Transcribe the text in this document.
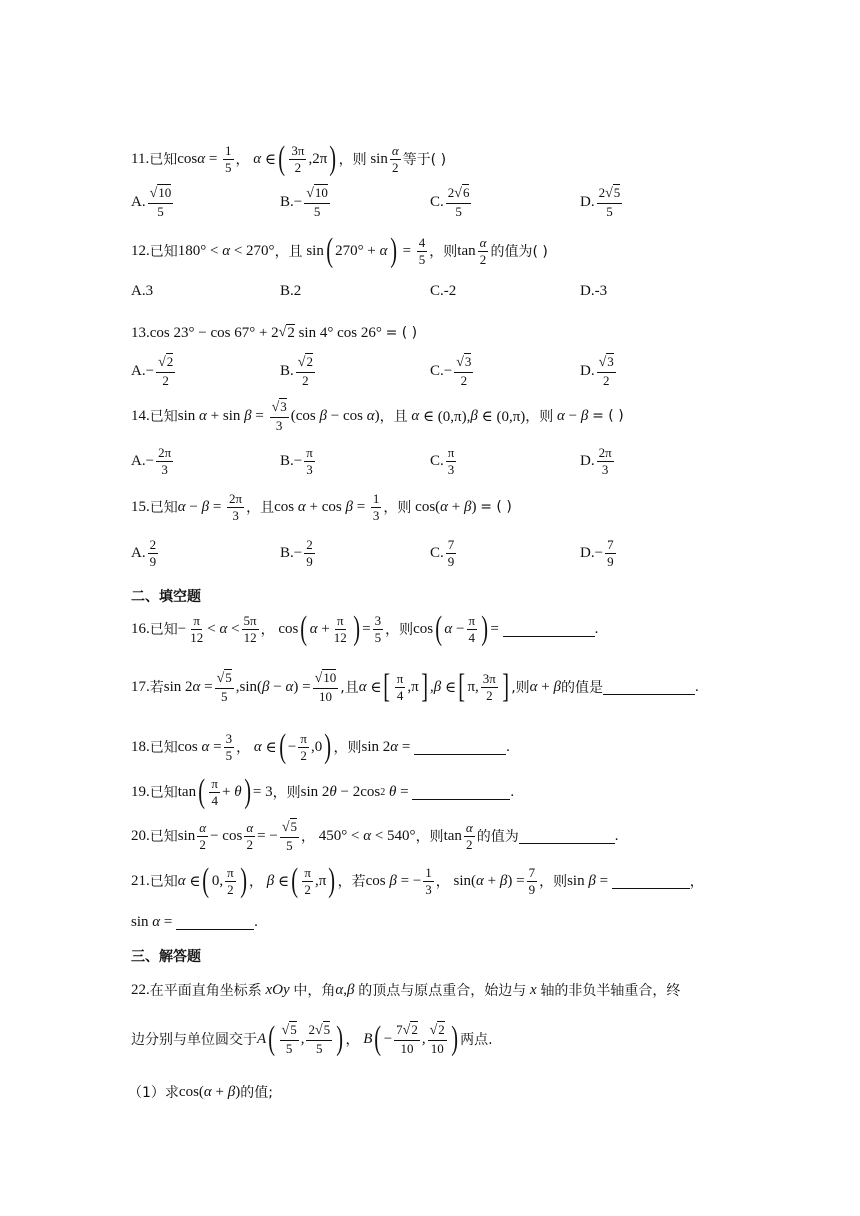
11. 已知 $\cos \alpha = \frac{1}{5}$ ，
α ∈ ( $\frac{3\pi}{2} ,2\pi$ ) ，则 $\sin \frac{\alpha}{2}$ 等于( )
A. $\frac{√10}{5}$	B. − $\frac{√10}{5}$	C. $\frac{2√6}{5}$	D. $\frac{2√5}{5}$
12. 已知 180° < α < 270° ，且 sin ( 270° + α ) = $\frac{4}{5}$ ，则 $\tan \frac{\alpha}{2}$ 的值为( )
A. 3	B. 2	C. -2	D. -3
13. cos 23° − cos 67° + 2 √ 2 sin 4° cos 26° = ( )
A. − $\frac{√2}{2}$	B. $\frac{√2}{2}$	C. − $\frac{√3}{2}$	D. $\frac{√3}{2}$
14. 已知 $\sin \alpha + \sin \beta = \frac{√3}{3} (\cos$ β − cos α ) ，且
α ∈ (0,π), β ∈ (0,π) ，则
α − β
= ( )
A. − $\frac{2\pi}{3}$	B. − $\frac{\pi}{3}$	C. $\frac{\pi}{3}$	D. $\frac{2\pi}{3}$
15. 已知 $\alpha - \beta = \frac{2\pi}{3}$ ，且 $\cos \alpha + \cos \beta = \frac{1}{3}$ ，则 cos( α + β ) = ( )
A. $\frac{2}{9}$	B. − $\frac{2}{9}$	C. $\frac{7}{9}$	D. − $\frac{7}{9}$
二、填空题
16. 已知 − $\frac{\pi}{12} < \alpha < \frac{5\pi}{12}$ ， cos ( $\alpha + \frac{\pi}{12}$ ) = $\frac{3}{5}$ ，则 cos ( $\alpha - \frac{\pi}{4}$ ) =	.
17. 若 sin 2 $\alpha = \frac{√5}{5} ,\sin$( β − α ) = $\frac{√10}{10}$ ,且 α ∈ [ $\frac{\pi}{4} ,\pi$ ] , β ∈ [ π, $\frac{3\pi}{2}$ ] ,则 α + β 的值是	.
18. 已知 $\cos \alpha = \frac{3}{5}$ ，
α ∈ ( − $\frac{\pi}{2} ,0$ ) ，则 sin 2 α =	.
19. 已知 tan ( $\frac{\pi}{4} + \theta$ ) = 3 ，则 sin 2 θ − 2cos 2
θ =	.
20. 已知 $\sin \frac{\alpha}{2} - \cos \frac{\alpha}{2}$ = − $\frac{√5}{5}$ ， 450° < α < 540° ，则 $\tan \frac{\alpha}{2}$ 的值为	.
21. 已知 α ∈ ( 0, $\frac{\pi}{2}$ ) ，
β ∈ ( $\frac{\pi}{2} ,\pi$ ) ，若 cos β = − $\frac{1}{3}$ ， sin( α + β ) = $\frac{7}{9}$ ，则 sin β =	，
sin α =	.
三、解答题
22. 在平面直角坐标系
xOy
中，角 α , β
的顶点与原点重合，始边与
x
轴的非负半轴重合，终
边分别与单位圆交于 A ( $\frac{√5}{5}$ , $\frac{2√5}{5}$ ) ，
B ( − $\frac{7√2}{10}$ , $\frac{√2}{10}$ ) 两点.
（1）求 cos( α + β ) 的值;
